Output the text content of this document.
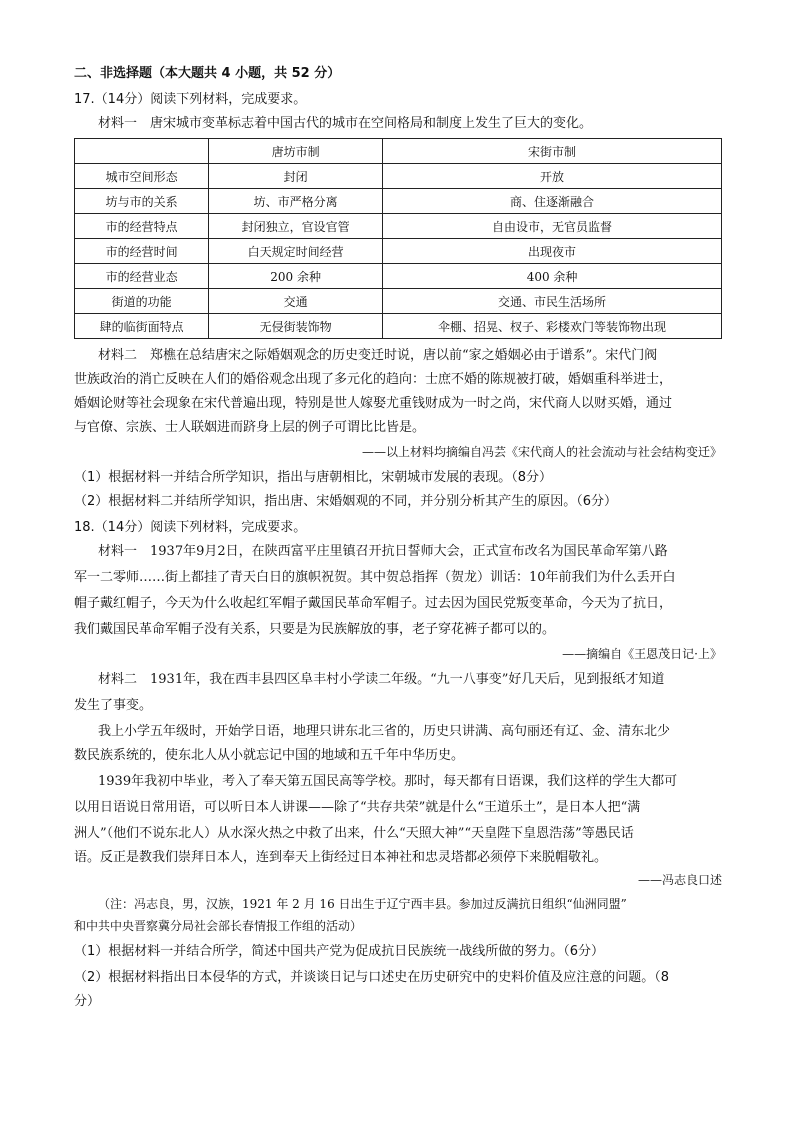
二、非选择题（本大题共 4 小题，共 52 分）
17.（14分）阅读下列材料，完成要求。
材料一　唐宋城市变革标志着中国古代的城市在空间格局和制度上发生了巨大的变化。
	唐坊市制	宋街市制
城市空间形态	封闭	开放
坊与市的关系	坊、市严格分离	商、住逐渐融合
市的经营特点	封闭独立，官设官管	自由设市，无官员监督
市的经营时间	白天规定时间经营	出现夜市
市的经营业态	200 余种	400 余种
街道的功能	交通	交通、市民生活场所
肆的临街面特点	无侵街装饰物	伞棚、招晃、杈子、彩楼欢门等装饰物出现
材料二　郑樵在总结唐宋之际婚姻观念的历史变迁时说，唐以前“家之婚姻必由于谱系”。宋代门阀
世族政治的消亡反映在人们的婚俗观念出现了多元化的趋向：士庶不婚的陈规被打破，婚姻重科举进士，
婚姻论财等社会现象在宋代普遍出现，特别是世人嫁娶尤重钱财成为一时之尚，宋代商人以财买婚，通过
与官僚、宗族、士人联姻进而跻身上层的例子可谓比比皆是。
——以上材料均摘编自冯芸《宋代商人的社会流动与社会结构变迁》
（1）根据材料一并结合所学知识，指出与唐朝相比，宋朝城市发展的表现。（8分）
（2）根据材料二并结所学知识，指出唐、宋婚姻观的不同，并分别分析其产生的原因。（6分）
18.（14分）阅读下列材料，完成要求。
材料一　1937年9月2日，在陕西富平庄里镇召开抗日誓师大会，正式宣布改名为国民革命军第八路
军一二零师……街上都挂了青天白日的旗帜祝贺。其中贺总指挥（贺龙）训话：10年前我们为什么丢开白
帽子戴红帽子，今天为什么收起红军帽子戴国民革命军帽子。过去因为国民党叛变革命，今天为了抗日，
我们戴国民革命军帽子没有关系，只要是为民族解放的事，老子穿花裤子都可以的。
——摘编自《王恩茂日记·上》
材料二　1931年，我在西丰县四区阜丰村小学读二年级。“九一八事变”好几天后，见到报纸才知道
发生了事变。
我上小学五年级时，开始学日语，地理只讲东北三省的，历史只讲满、高句丽还有辽、金、清东北少
数民族系统的，使东北人从小就忘记中国的地域和五千年中华历史。
1939年我初中毕业，考入了奉天第五国民高等学校。那时，每天都有日语课，我们这样的学生大都可
以用日语说日常用语，可以听日本人讲课——除了“共存共荣”就是什么“王道乐土”，是日本人把“满
洲人”（他们不说东北人）从水深火热之中救了出来，什么“天照大神”“天皇陛下皇恩浩荡”等愚民话
语。反正是教我们崇拜日本人，连到奉天上街经过日本神社和忠灵塔都必须停下来脱帽敬礼。
——冯志良口述
（注：冯志良，男，汉族，1921 年 2 月 16 日出生于辽宁西丰县。参加过反满抗日组织“仙洲同盟”
和中共中央晋察冀分局社会部长春情报工作组的活动）
（1）根据材料一并结合所学，简述中国共产党为促成抗日民族统一战线所做的努力。（6分）
（2）根据材料指出日本侵华的方式，并谈谈日记与口述史在历史研究中的史料价值及应注意的问题。（8
分）
